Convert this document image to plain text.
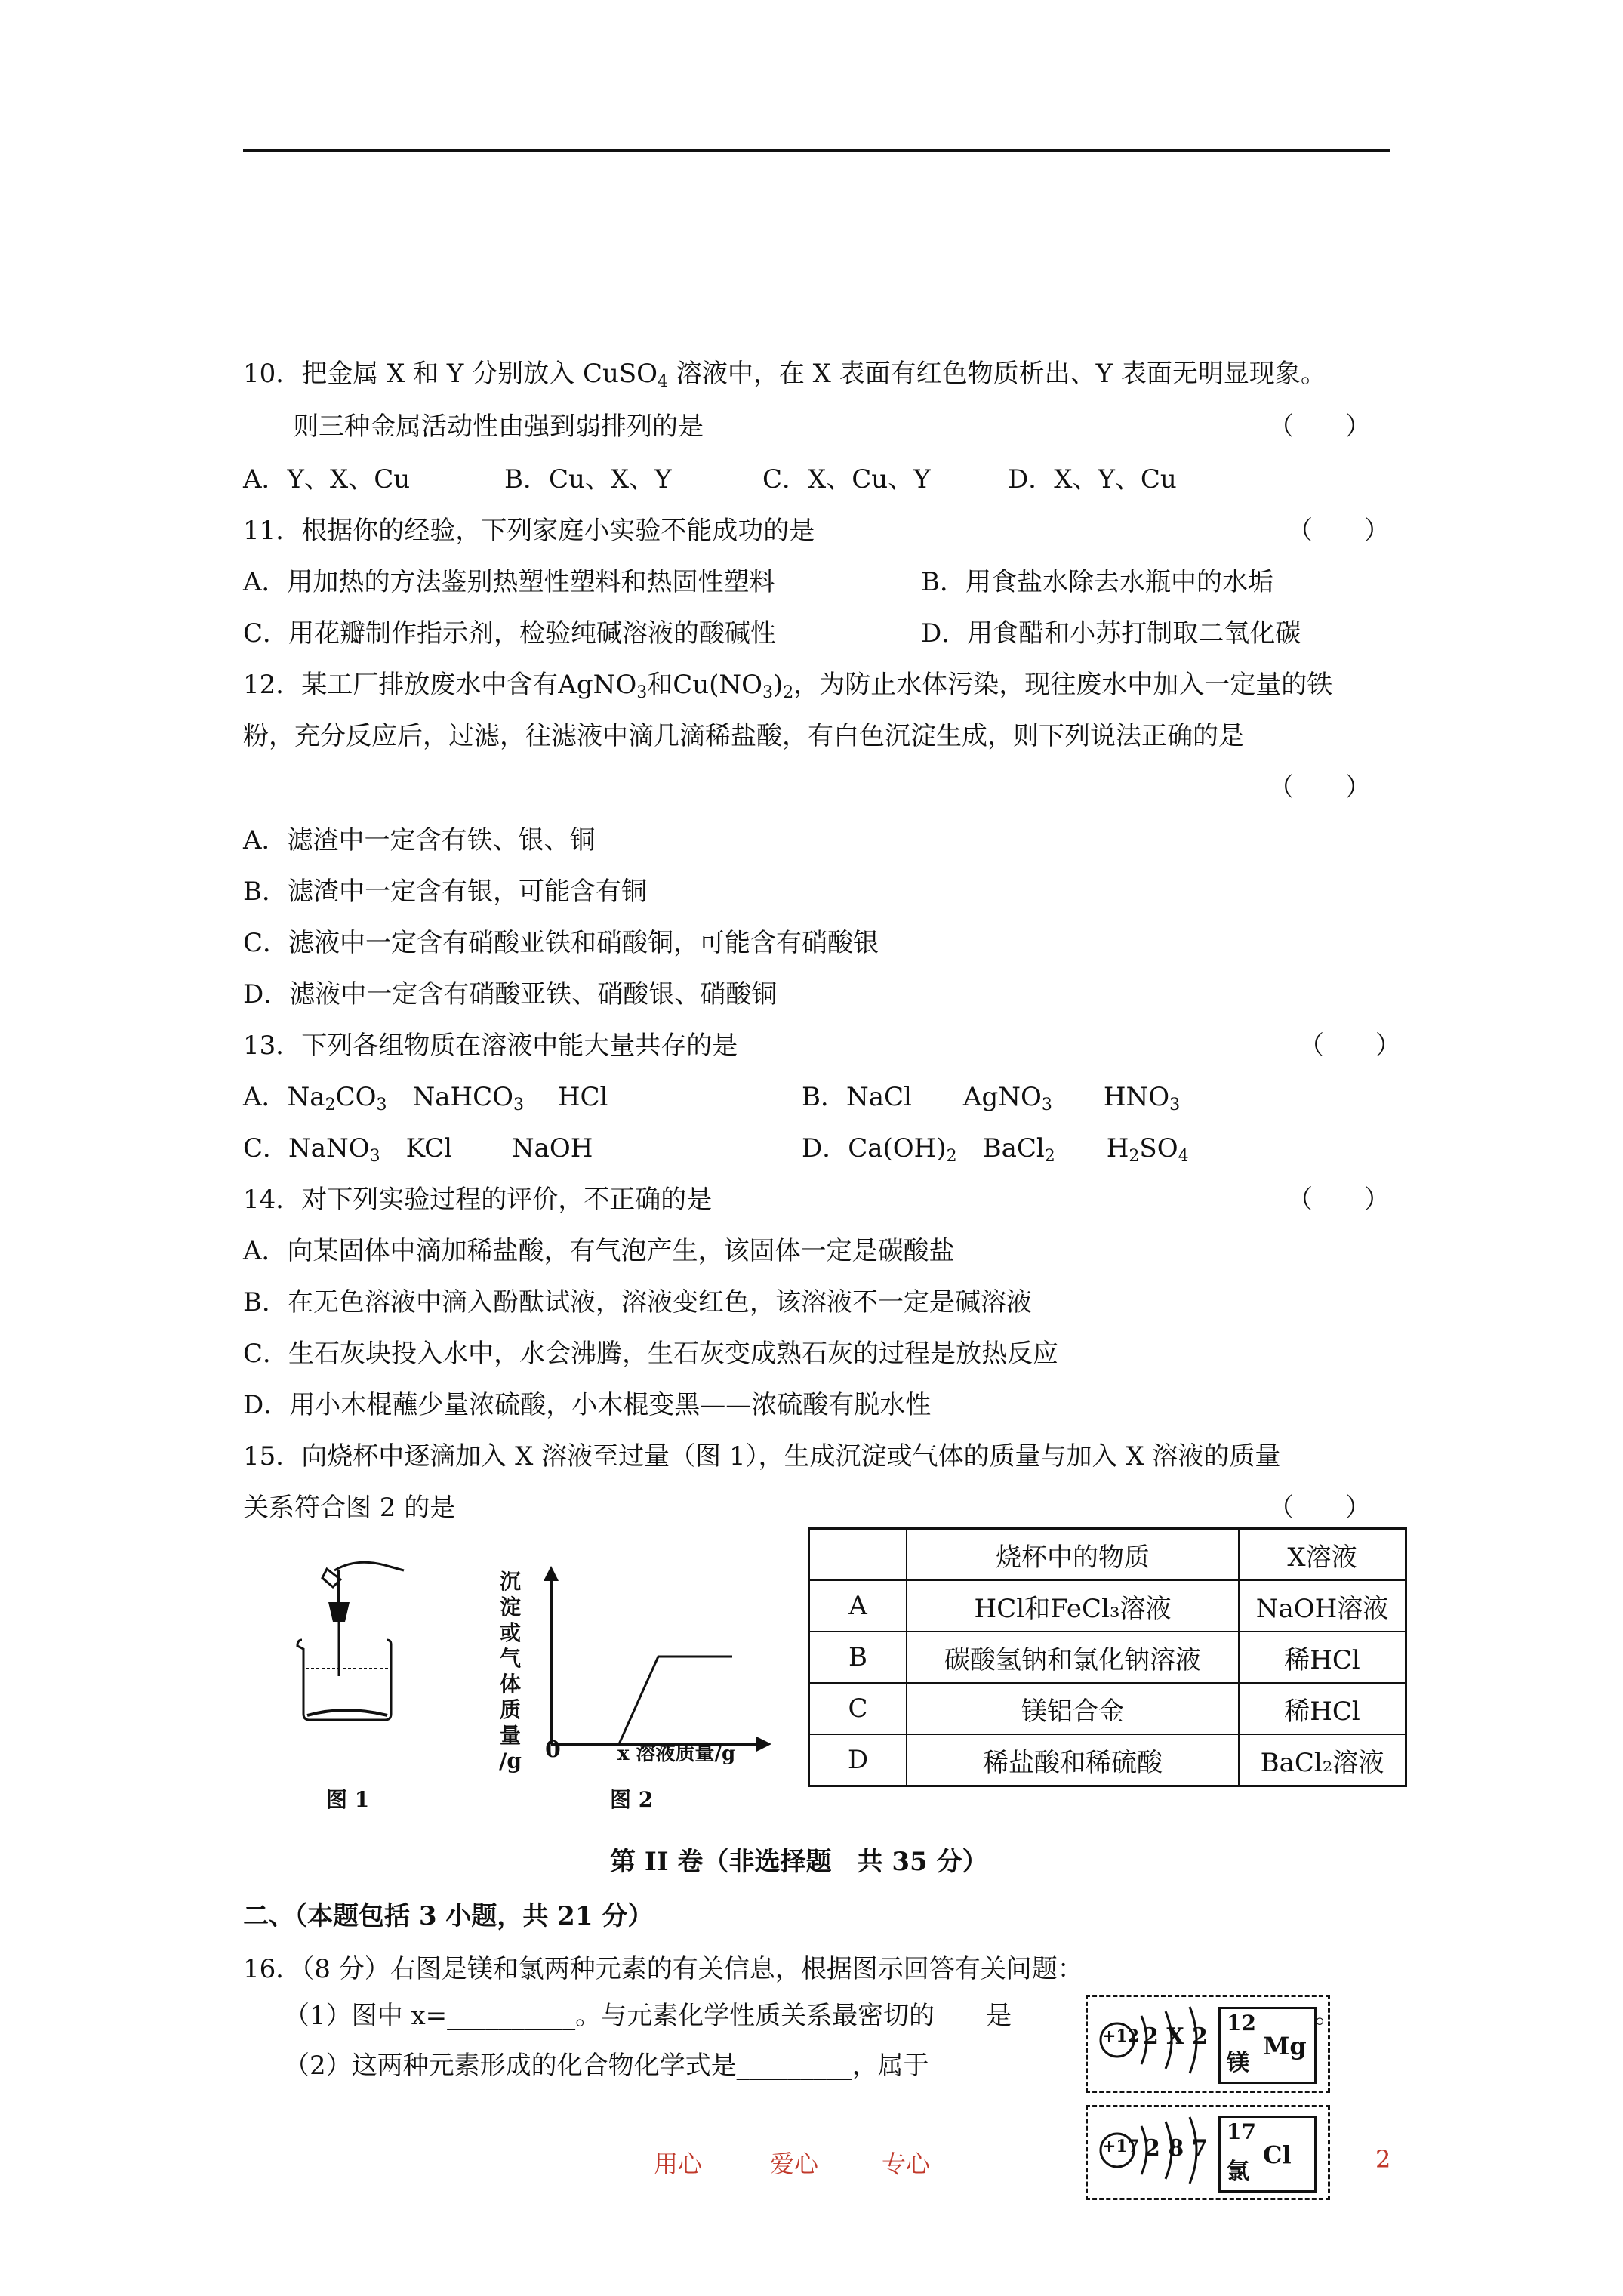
10．把金属 X 和 Y 分别放入 CuSO$_4$ 溶液中，在 X 表面有红色物质析出、Y 表面无明显现象。
则三种金属活动性由强到弱排列的是	（　　）
A．Y、X、Cu	B．Cu、X、Y	C．X、Cu、Y	D．X、Y、Cu
11．根据你的经验，下列家庭小实验不能成功的是	（　　）
A．用加热的方法鉴别热塑性塑料和热固性塑料	B．用食盐水除去水瓶中的水垢
C．用花瓣制作指示剂，检验纯碱溶液的酸碱性	D．用食醋和小苏打制取二氧化碳
12．某工厂排放废水中含有AgNO$_3$和$Cu(NO_3)_2$，为防止水体污染，现往废水中加入一定量的铁
粉，充分反应后，过滤，往滤液中滴几滴稀盐酸，有白色沉淀生成，则下列说法正确的是
（　　）
A．滤渣中一定含有铁、银、铜
B．滤渣中一定含有银，可能含有铜
C．滤液中一定含有硝酸亚铁和硝酸铜，可能含有硝酸银
D．滤液中一定含有硝酸亚铁、硝酸银、硝酸铜
13．下列各组物质在溶液中能大量共存的是	（　　）
A．$Na_2CO_3$　NaHCO$_3$　 HCl	B．NaCl　　AgNO$_3$　　$HNO_3$
C．NaNO$_3$　KCl　　 NaOH	D．$Ca(OH)_2$　BaCl$_2$　　$H_2SO_4$
14．对下列实验过程的评价，不正确的是	（　　）
A．向某固体中滴加稀盐酸，有气泡产生，该固体一定是碳酸盐
B．在无色溶液中滴入酚酞试液，溶液变红色，该溶液不一定是碱溶液
C．生石灰块投入水中，水会沸腾，生石灰变成熟石灰的过程是放热反应
D．用小木棍蘸少量浓硫酸，小木棍变黑——浓硫酸有脱水性
15．向烧杯中逐滴加入 X 溶液至过量（图 1），生成沉淀或气体的质量与加入 X 溶液的质量
关系符合图 2 的是	（　　）
图 1
沉
淀
或
气
体
质
量
/g 0	x 溶液质量/g
图 2
	烧杯中的物质	X溶液
A	HCl和FeCl₃溶液	NaOH溶液
B	碳酸氢钠和氯化钠溶液	稀HCl
C	镁铝合金	稀HCl
D	稀盐酸和稀硫酸	BaCl₂溶液
第 II 卷（非选择题　共 35 分）
二、（本题包括 3 小题，共 21 分）
16．（8 分）右图是镁和氯两种元素的有关信息，根据图示回答有关问题：
（1）图中 x=__________。与元素化学性质关系最密切的　　是
（2）这两种元素形成的化合物化学式是_________，属于
+12 2 X 2
12
镁
Mg
。
+17 2 8 7
17
氯
Cl
用心	爱心	专心	2
